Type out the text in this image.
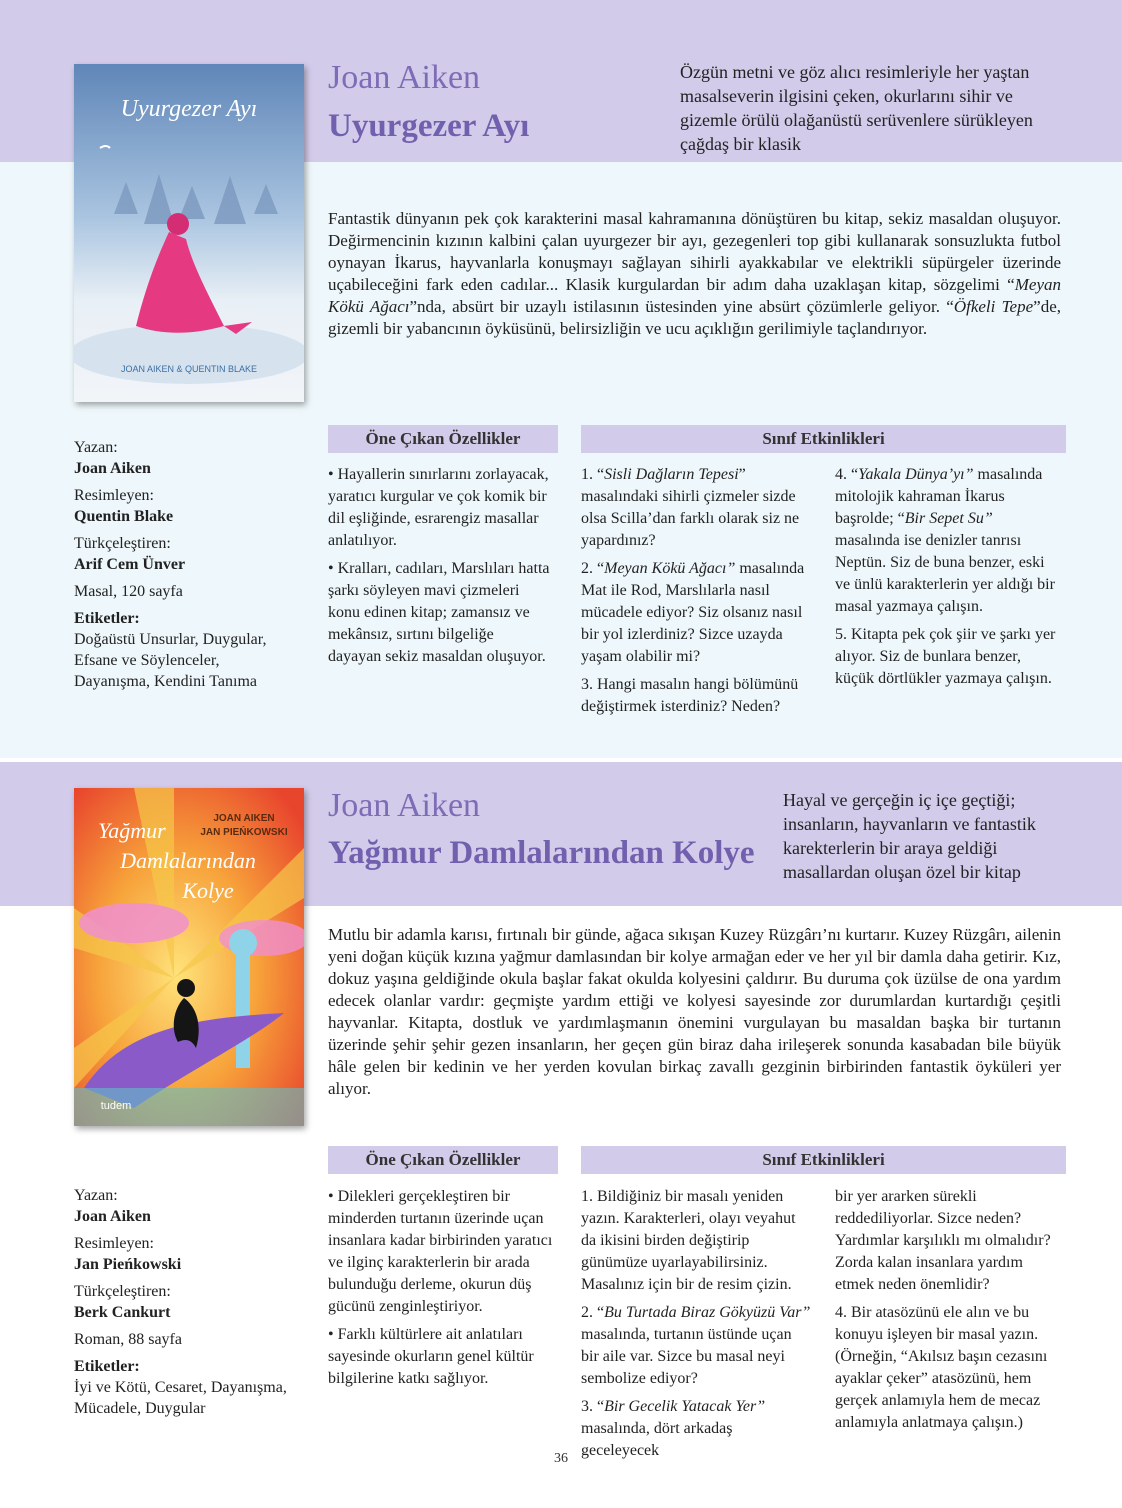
Uyurgezer Ayı
JOAN AIKEN & QUENTIN BLAKE
Joan Aiken
Uyurgezer Ayı
Özgün metni ve göz alıcı resimleriyle her yaştan masalseverin ilgisini çeken, okurlarını sihir ve gizemle örülü olağanüstü serüvenlere sürükleyen çağdaş bir klasik

Fantastik dünyanın pek çok karakterini masal kahramanına dönüştüren bu kitap, sekiz masaldan oluşuyor. Değirmencinin kızının kalbini çalan uyurgezer bir ayı, gezegenleri top gibi kullanarak sonsuzlukta futbol oynayan İkarus, hayvanlarla konuşmayı sağlayan sihirli ayakkabılar ve elektrikli süpürgeler üzerinde uçabileceğini fark eden cadılar... Klasik kurgulardan bir adım daha uzaklaşan kitap, sözgelimi “Meyan Kökü Ağacı”nda, absürt bir uzaylı istilasının üstesinden yine absürt çözümlerle geliyor. “Öfkeli Tepe”de, gizemli bir yabancının öyküsünü, belirsizliğin ve ucu açıklığın gerilimiyle taçlandırıyor.

Yazan:
Joan Aiken
Resimleyen:
Quentin Blake
Türkçeleştiren:
Arif Cem Ünver
Masal, 120 sayfa
Etiketler:
Doğaüstü Unsurlar, Duygular, Efsane ve Söylenceler, Dayanışma, Kendini Tanıma
Öne Çıkan Özellikler	Sınıf Etkinlikleri

• Hayallerin sınırlarını zorlayacak, yaratıcı kurgular ve çok komik bir dil eşliğinde, esrarengiz masallar anlatılıyor.

• Kralları, cadıları, Marslıları hatta şarkı söyleyen mavi çizmeleri konu edinen kitap; zamansız ve mekânsız, sırtını bilgeliğe dayayan sekiz masaldan oluşuyor.

1. “Sisli Dağların Tepesi” masalındaki sihirli çizmeler sizde olsa Scilla’dan farklı olarak siz ne yapardınız?

2. “Meyan Kökü Ağacı” masalında Mat ile Rod, Marslılarla nasıl mücadele ediyor? Siz olsanız nasıl bir yol izlerdiniz? Sizce uzayda yaşam olabilir mi?

3. Hangi masalın hangi bölümünü değiştirmek isterdiniz? Neden?

4. “Yakala Dünya’yı” masalında mitolojik kahraman İkarus başrolde; “Bir Sepet Su” masalında ise denizler tanrısı Neptün. Siz de buna benzer, eski ve ünlü karakterlerin yer aldığı bir masal yazmaya çalışın.

5. Kitapta pek çok şiir ve şarkı yer alıyor. Siz de bunlara benzer, küçük dörtlükler yazmaya çalışın.

JOAN AIKEN
JAN PIEŃKOWSKI
Yağmur
Damlalarından
Kolye
tudem
Joan Aiken
Yağmur Damlalarından Kolye
Hayal ve gerçeğin iç içe geçtiği; insanların, hayvanların ve fantastik karekterlerin bir araya geldiği masallardan oluşan özel bir kitap
Mutlu bir adamla karısı, fırtınalı bir günde, ağaca sıkışan Kuzey Rüzgârı’nı kurtarır. Kuzey Rüzgârı, ailenin yeni doğan küçük kızına yağmur damlasından bir kolye armağan eder ve her yıl bir damla daha getirir. Kız, dokuz yaşına geldiğinde okula başlar fakat okulda kolyesini çaldırır. Bu duruma çok üzülse de ona yardım edecek olanlar vardır: geçmişte yardım ettiği ve kolyesi sayesinde zor durumlardan kurtardığı çeşitli hayvanlar. Kitapta, dostluk ve yardımlaşmanın önemini vurgulayan bu masaldan başka bir turtanın üzerinde şehir şehir gezen insanların, her geçen gün biraz daha irileşerek sonunda kasabadan bile büyük hâle gelen bir kedinin ve her yerden kovulan birkaç zavallı gezginin birbirinden fantastik öyküleri yer alıyor.
Yazan:
Joan Aiken
Resimleyen:
Jan Pieńkowski
Türkçeleştiren:
Berk Cankurt
Roman, 88 sayfa
Etiketler:
İyi ve Kötü, Cesaret, Dayanışma, Mücadele, Duygular
Öne Çıkan Özellikler	Sınıf Etkinlikleri

• Dilekleri gerçekleştiren bir minderden turtanın üzerinde uçan insanlara kadar birbirinden yaratıcı ve ilginç karakterlerin bir arada bulunduğu derleme, okurun düş gücünü zenginleştiriyor.

• Farklı kültürlere ait anlatıları sayesinde okurların genel kültür bilgilerine katkı sağlıyor.

1. Bildiğiniz bir masalı yeniden yazın. Karakterleri, olayı veyahut da ikisini birden değiştirip günümüze uyarlayabilirsiniz. Masalınız için bir de resim çizin.

2. “Bu Turtada Biraz Gökyüzü Var” masalında, turtanın üstünde uçan bir aile var. Sizce bu masal neyi sembolize ediyor?

3. “Bir Gecelik Yatacak Yer” masalında, dört arkadaş geceleyecek

bir yer ararken sürekli reddediliyorlar. Sizce neden? Yardımlar karşılıklı mı olmalıdır? Zorda kalan insanlara yardım etmek neden önemlidir?

4. Bir atasözünü ele alın ve bu konuyu işleyen bir masal yazın. (Örneğin, “Akılsız başın cezasını ayaklar çeker” atasözünü, hem gerçek anlamıyla hem de mecaz anlamıyla anlatmaya çalışın.)

36
